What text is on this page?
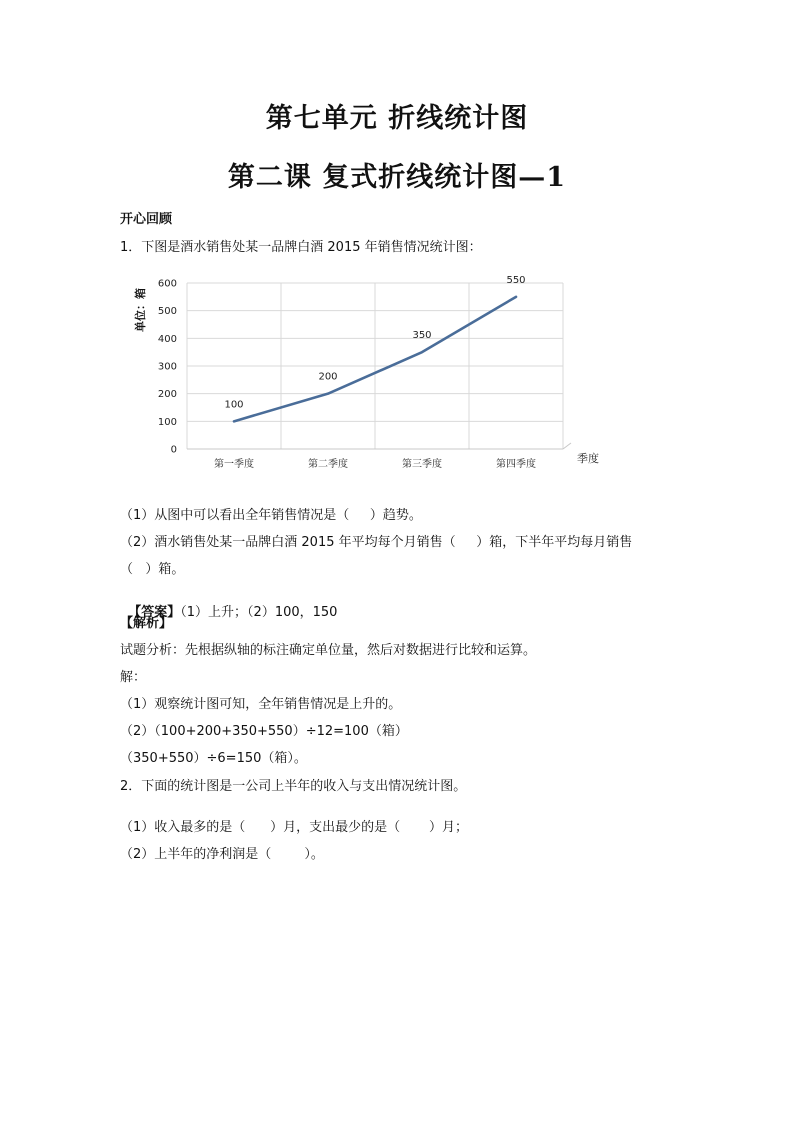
第七单元 折线统计图
第二课 复式折线统计图—1
开心回顾
1．下图是酒水销售处某一品牌白酒 2015 年销售情况统计图：
0
100
200
300
400
500
600
第一季度	第二季度	第三季度	第四季度
100
200
350
550
单位：箱
季度
（1）从图中可以看出全年销售情况是（     ）趋势。
（2）酒水销售处某一品牌白酒 2015 年平均每个月销售（     ）箱，下半年平均每月销售
（   ）箱。

【答案】（1）上升；（2）100，150

【解析】
试题分析：先根据纵轴的标注确定单位量，然后对数据进行比较和运算。
解：
（1）观察统计图可知，全年销售情况是上升的。
（2）（100+200+350+550）÷12=100（箱）
（350+550）÷6=150（箱）。
2．下面的统计图是一公司上半年的收入与支出情况统计图。
（1）收入最多的是（      ）月，支出最少的是（       ）月；
（2）上半年的净利润是（        ）。
